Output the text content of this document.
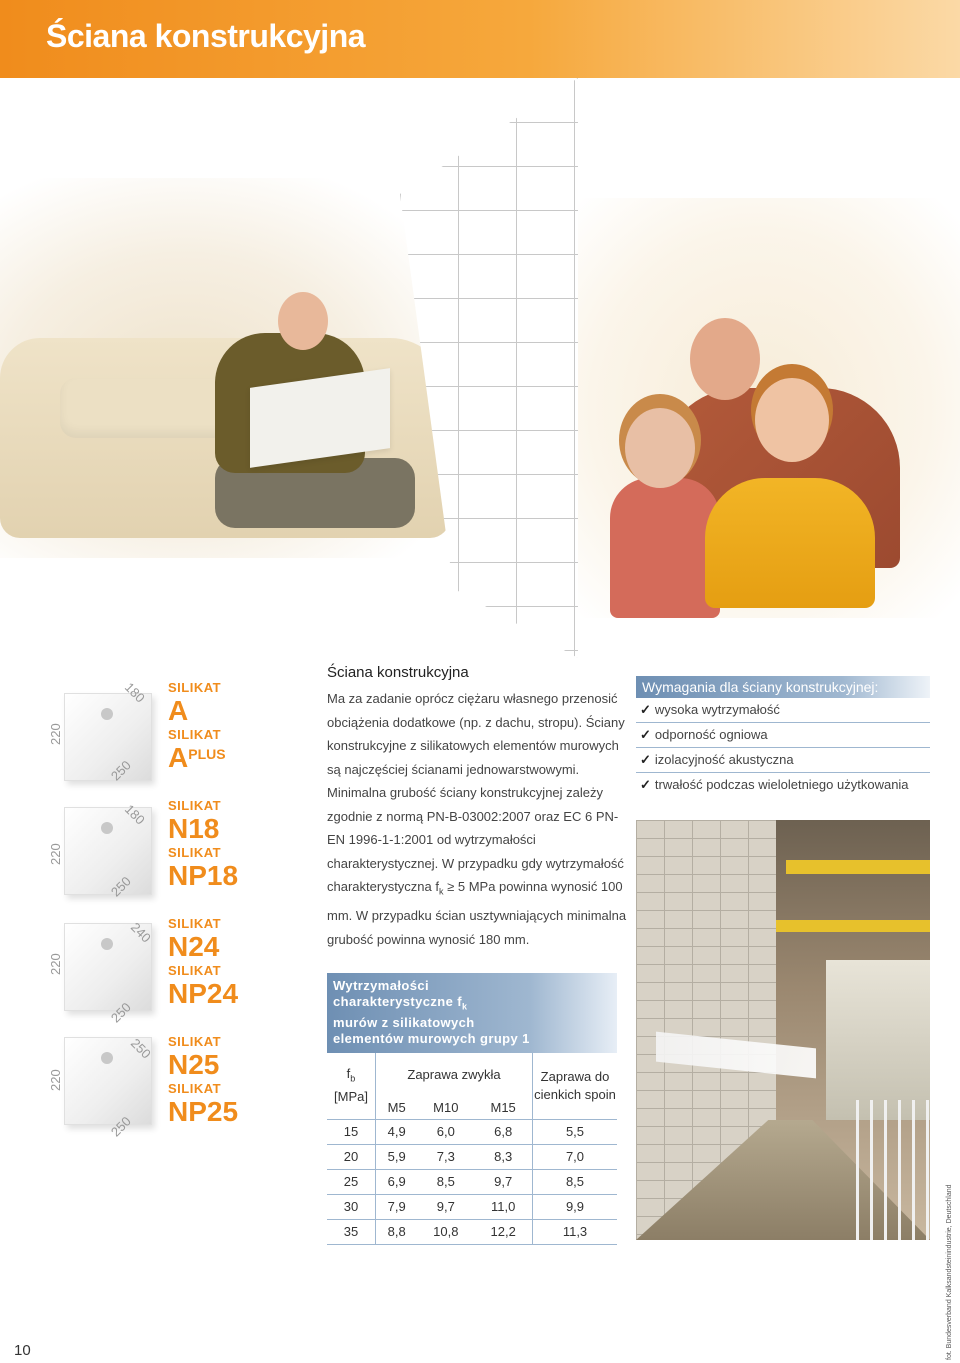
Ściana konstrukcyjna
180
220
250
180
220
250
240
220
250
250
220
250

SILIKAT

A

SILIKAT

$A^{PLUS}$

SILIKAT

N18

SILIKAT

NP18

SILIKAT

N24

SILIKAT

NP24

SILIKAT

N25

SILIKAT

NP25

Ściana konstrukcyjna

Ma za zadanie oprócz ciężaru własnego przenosić obciążenia dodatkowe (np. z dachu, stropu). Ściany konstrukcyjne z silikatowych elementów murowych są najczęściej ścianami jednowarstwowymi. Minimalna grubość ściany konstrukcyjnej zależy zgodnie z normą PN-B-03002:2007 oraz EC 6 PN-EN 1996-1-1:2001 od wytrzymałości charakterystycznej. W przypadku gdy wytrzymałość charakterystyczna $f_k \ge 5$ MPa powinna wynosić 100 mm. W przypadku ścian usztywniających minimalna grubość powinna wynosić 180 mm.

Wytrzymałości
charakterystyczne $f_k$
murów z silikatowych
elementów murowych grupy 1
$f_b$
[MPa]	Zaprawa zwykła			Zaprawa do cienkich spoin
	M5	M10	M15	
15	4,9	6,0	6,8	5,5
20	5,9	7,3	8,3	7,0
25	6,9	8,5	9,7	8,5
30	7,9	9,7	11,0	9,9
35	8,8	10,8	12,2	11,3
Wymagania dla ściany konstrukcyjnej:
✓ wysoka wytrzymałość
✓ odporność ogniowa
✓ izolacyjność akustyczna
✓ trwałość podczas wieloletniego użytkowania
fot. Bundesverband Kalksandsteinindustrie, Deutschland
10
